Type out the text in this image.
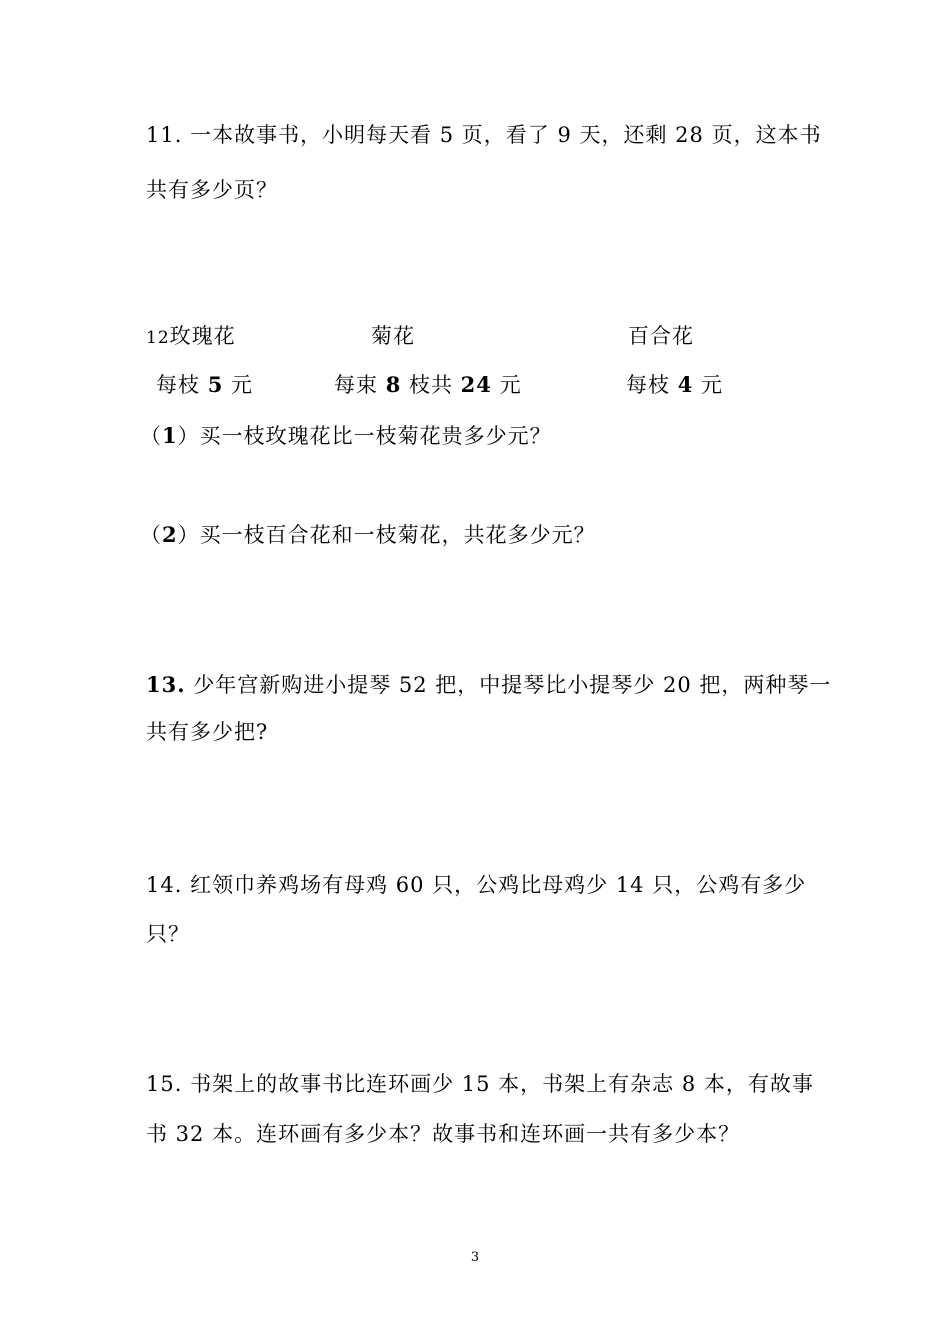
11. 一本故事书，小明每天看 5 页，看了 9 天，还剩 28 页，这本书
共有多少页？
12玫瑰花	菊花	百合花
每枝 5 元	每束 8 枝共 24 元	每枝 4 元
（1）买一枝玫瑰花比一枝菊花贵多少元？
（2）买一枝百合花和一枝菊花，共花多少元？
13. 少年宫新购进小提琴 52 把，中提琴比小提琴少 20 把，两种琴一
共有多少把?
14. 红领巾养鸡场有母鸡 60 只，公鸡比母鸡少 14 只，公鸡有多少
只？
15. 书架上的故事书比连环画少 15 本，书架上有杂志 8 本，有故事
书 32 本。连环画有多少本？故事书和连环画一共有多少本？
3
